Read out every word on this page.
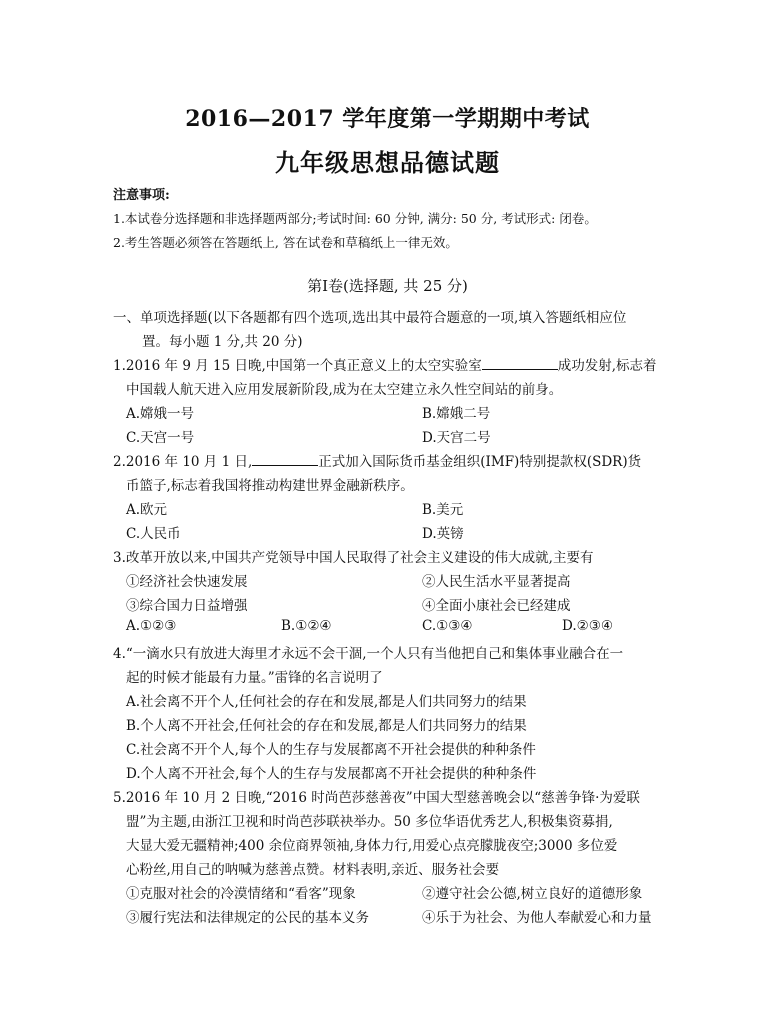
2016—2017 学年度第一学期期中考试
九年级思想品德试题
注意事项:
1.本试卷分选择题和非选择题两部分;考试时间: 60 分钟, 满分: 50 分, 考试形式: 闭卷。
2.考生答题必须答在答题纸上, 答在试卷和草稿纸上一律无效。
第Ⅰ卷(选择题, 共 25 分)
一、单项选择题(以下各题都有四个选项,选出其中最符合题意的一项,填入答题纸相应位
置。每小题 1 分,共 20 分)
1.2016 年 9 月 15 日晚,中国第一个真正意义上的太空实验室	成功发射,标志着
中国载人航天进入应用发展新阶段,成为在太空建立永久性空间站的前身。
A.嫦娥一号	B.嫦娥二号
C.天宫一号	D.天宫二号
2.2016 年 10 月 1 日,	正式加入国际货币基金组织(IMF)特别提款权(SDR)货
币篮子,标志着我国将推动构建世界金融新秩序。
A.欧元	B.美元
C.人民币	D.英镑
3.改革开放以来,中国共产党领导中国人民取得了社会主义建设的伟大成就,主要有
①经济社会快速发展	②人民生活水平显著提高
③综合国力日益增强	④全面小康社会已经建成
A.①②③	B.①②④	C.①③④	D.②③④
4.“一滴水只有放进大海里才永远不会干涸,一个人只有当他把自己和集体事业融合在一
起的时候才能最有力量。”雷锋的名言说明了
A.社会离不开个人,任何社会的存在和发展,都是人们共同努力的结果
B.个人离不开社会,任何社会的存在和发展,都是人们共同努力的结果
C.社会离不开个人,每个人的生存与发展都离不开社会提供的种种条件
D.个人离不开社会,每个人的生存与发展都离不开社会提供的种种条件
5.2016 年 10 月 2 日晚,“2016 时尚芭莎慈善夜”中国大型慈善晚会以“慈善争锋·为爱联
盟”为主题,由浙江卫视和时尚芭莎联袂举办。50 多位华语优秀艺人,积极集资募捐,
大显大爱无疆精神;400 余位商界领袖,身体力行,用爱心点亮朦胧夜空;3000 多位爱
心粉丝,用自己的呐喊为慈善点赞。材料表明,亲近、服务社会要
①克服对社会的冷漠情绪和“看客”现象	②遵守社会公德,树立良好的道德形象
③履行宪法和法律规定的公民的基本义务	④乐于为社会、为他人奉献爱心和力量
